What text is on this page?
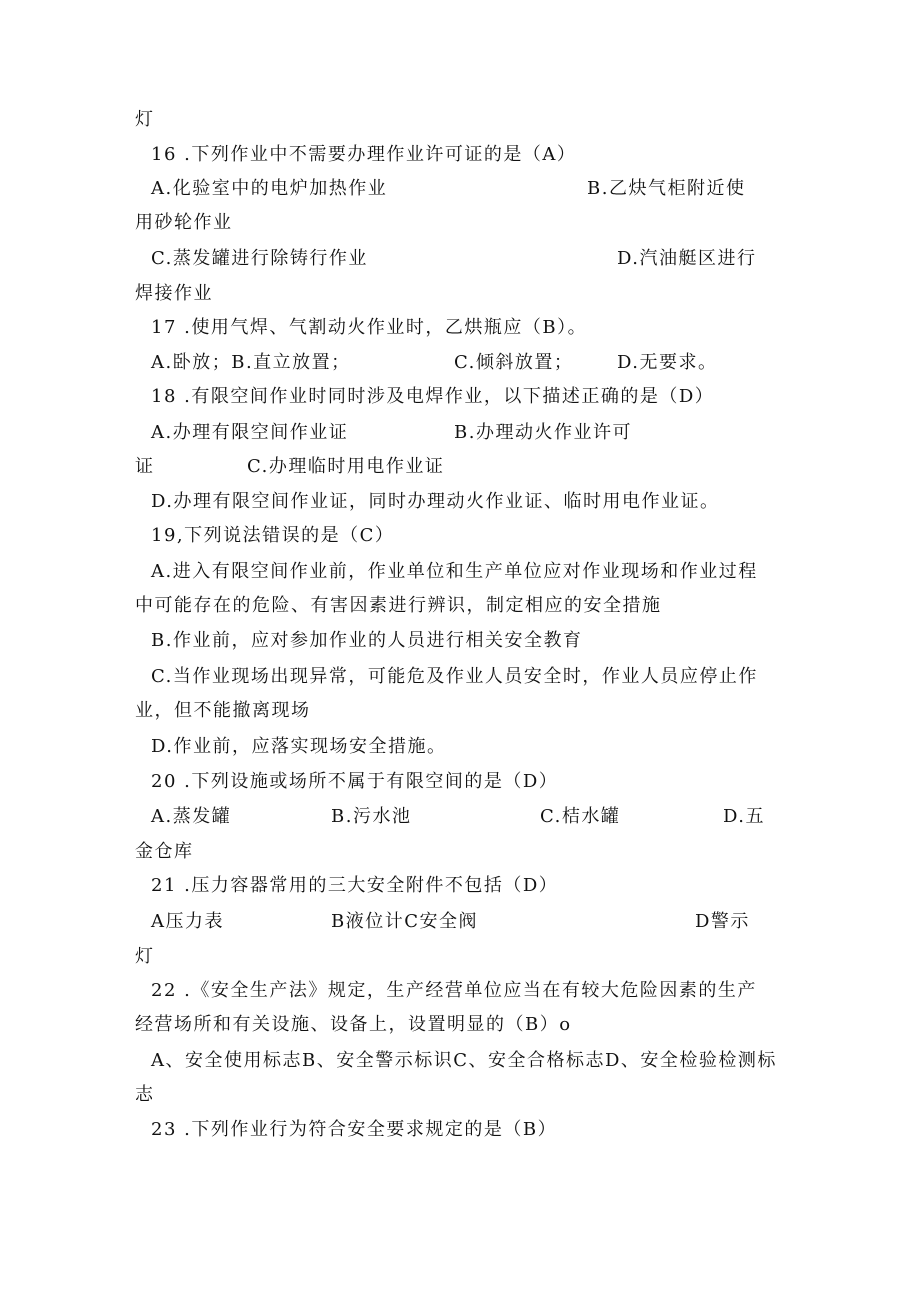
灯
16 .下列作业中不需要办理作业许可证的是（A）
A.化验室中的电炉加热作业	B.乙炔气柜附近使
用砂轮作业
C.蒸发罐进行除铸行作业	D.汽油艇区进行
焊接作业
17 .使用气焊、气割动火作业时，乙烘瓶应（B）。
A.卧放；B.直立放置；	C.倾斜放置； D.无要求。
18 .有限空间作业时同时涉及电焊作业，以下描述正确的是（D）
A.办理有限空间作业证	B.办理动火作业许可
证	C.办理临时用电作业证
D.办理有限空间作业证，同时办理动火作业证、临时用电作业证。
19,下列说法错误的是（C）
A.进入有限空间作业前，作业单位和生产单位应对作业现场和作业过程
中可能存在的危险、有害因素进行辨识，制定相应的安全措施
B.作业前，应对参加作业的人员进行相关安全教育
C.当作业现场出现异常，可能危及作业人员安全时，作业人员应停止作
业，但不能撤离现场
D.作业前，应落实现场安全措施。
20 .下列设施或场所不属于有限空间的是（D）
A.蒸发罐	B.污水池	C.桔水罐	D.五
金仓库
21 .压力容器常用的三大安全附件不包括（D）
A压力表	B液位计C安全阀	D警示
灯
22 .《安全生产法》规定，生产经营单位应当在有较大危险因素的生产
经营场所和有关设施、设备上，设置明显的（B）o
A、安全使用标志B、安全警示标识C、安全合格标志D、安全检验检测标
志
23 .下列作业行为符合安全要求规定的是（B）
